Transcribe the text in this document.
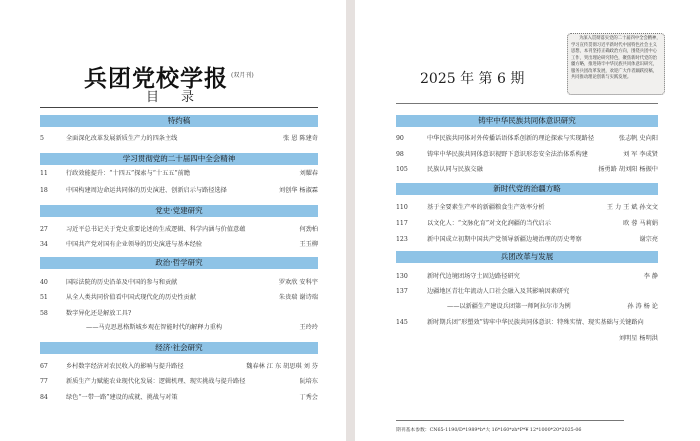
兵团党校学报 (双月刊)
目录
特约稿
5	全面深化改革发展新质生产力的四条主线	张 恩 陈建奇
学习贯彻党的二十届四中全会精神
11	行政效能提升：“十四五”探索与“十五五”前瞻	刘耀春
18	中国构建周边命运共同体的历史演进、创新启示与路径选择	刘创华 杨淑霖
党史·党建研究
27	习近平总书记关于党史重要论述的生成逻辑、科学内涵与价值意蕴	何劲柏
34	中国共产党对国有企业领导的历史演进与基本经验	王玉柳
政治·哲学研究
40	国际法院的历史沿革及中国的参与和贡献	罗欢欣 安科宇
51	从全人类共同价值看中国式现代化的历史性贡献	朱贵瑞 谢诗瑞
58	数字异化还是解放工具?
——马克思恩格斯城乡观在智能时代的解释力重构	王玲玲
经济·社会研究
67	乡村数字经济对农民收入的影响与提升路径	魏春林 江 东 胡思琪 刘 芬
77	新质生产力赋能农业现代化发展：逻辑机理、现实挑战与提升路径	阮培东
84	绿色“一带一路”建设的成就、挑战与对策	丁秀会
2025 年 第 6 期
为深入贯彻落实党的二十届四中全会精神，学习宣传贯彻习近平新时代中国特色社会主义思想，本刊坚持正确政治方向，围绕兵团中心工作，突出理论研究特色，聚焦新时代党的治疆方略，推进铸牢中华民族共同体意识研究，服务兵团改革发展，欢迎广大作者踊跃投稿，共同推动理论创新与实践发展。
铸牢中华民族共同体意识研究
90	中华民族共同体对外传播话语体系创新的理论探索与实现路径	张志帆 史向阳
98	铸牢中华民族共同体意识视野下意识形态安全法治体系构建	刘 军 李成贤
105	民族认同与民族交融	扬勇路 胡刘阳 杨振中
新时代党的治疆方略
110	基于全要素生产率的新疆粮食生产效率分析	王 力 王 斌 孙文文
117	以文化人：“文脉化育”对文化润疆的当代启示	欧 蓉 马莉娟
123	新中国成立初期中国共产党领导新疆边境治理的历史考察	谢宗亮
兵团改革与发展
130	新时代边境团场守土固边路径研究	李 静
137	边疆地区青壮年流动人口社会融入及其影响因素研究
——以新疆生产建设兵团第一师阿拉尔市为例	孙 涛 杨 论
145	新时期兵团“形塑效”铸牢中华民族共同体意识：特殊实情、现实基础与关键路向
刘明星 杨明洪
期刊基本参数：CN65-1190/D*1989*b*大 16*160*zh*P*¥ 12*1000*20*2025-06
